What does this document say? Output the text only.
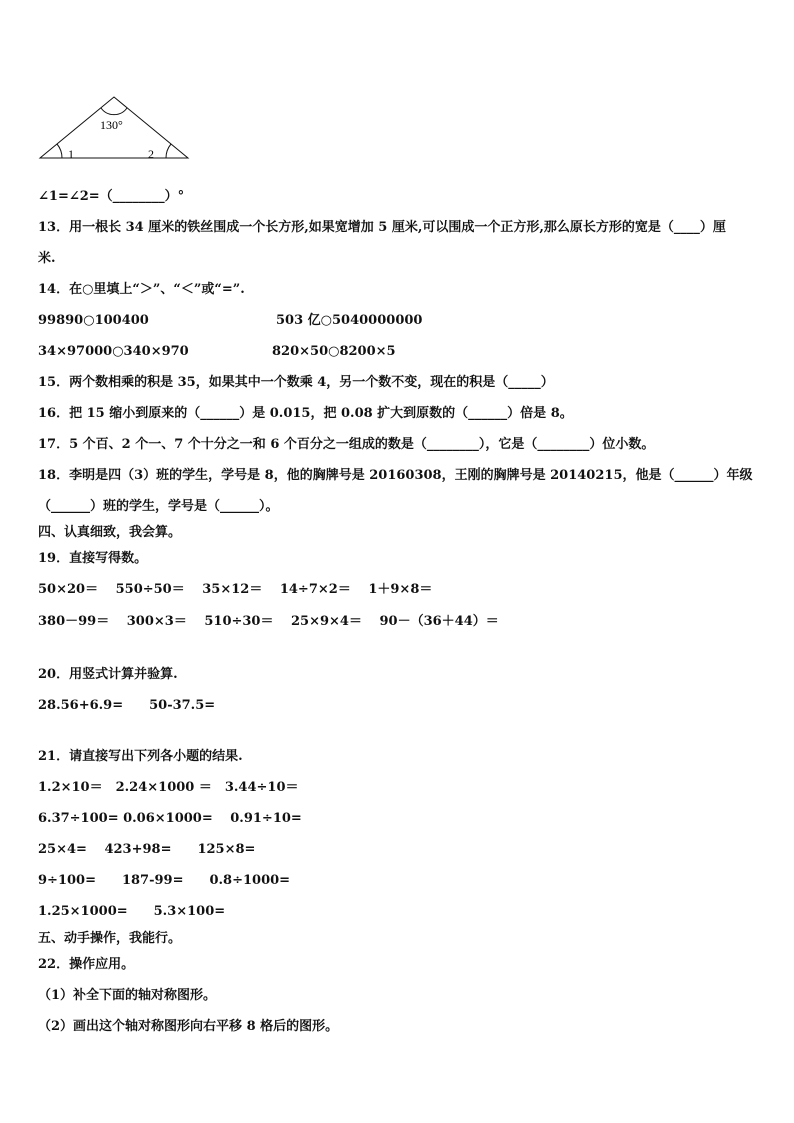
130°
1	2
∠1=∠2=（________）°
13．用一根长 34 厘米的铁丝围成一个长方形,如果宽增加 5 厘米,可以围成一个正方形,那么原长方形的宽是（____）厘
米.
14．在○里填上“＞”、“＜”或“=”.
99890○100400	503 亿○5040000000
34×97000○340×970	820×50○8200×5
15．两个数相乘的积是 35，如果其中一个数乘 4，另一个数不变，现在的积是（_____）
16．把 15 缩小到原来的（______）是 0.015，把 0.08 扩大到原数的（______）倍是 8。
17．5 个百、2 个一、7 个十分之一和 6 个百分之一组成的数是（________），它是（________）位小数。
18．李明是四（3）班的学生，学号是 8，他的胸牌号是 20160308，王刚的胸牌号是 20140215，他是（______）年级
（______）班的学生，学号是（______）。
四、认真细致，我会算。
19．直接写得数。
50×20＝　 550÷50＝　 35×12＝　 14÷7×2＝　 1＋9×8＝
380－99＝　 300×3＝　 510÷30＝　 25×9×4＝　 90－（36＋44）＝
20．用竖式计算并验算.
28.56+6.9=　　50-37.5=
21．请直接写出下列各小题的结果.
1.2×10＝　2.24×1000 ＝　3.44÷10＝
6.37÷100= 0.06×1000=　 0.91÷10=
25×4=　 423+98=　　125×8=
9÷100=　　187-99=　　0.8÷1000=
1.25×1000=　　5.3×100=
五、动手操作，我能行。
22．操作应用。
（1）补全下面的轴对称图形。
（2）画出这个轴对称图形向右平移 8 格后的图形。
